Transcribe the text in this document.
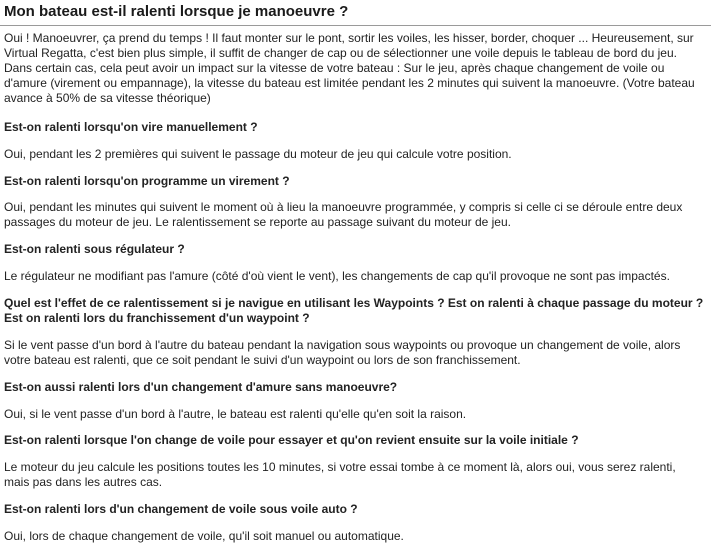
Mon bateau est-il ralenti lorsque je manoeuvre ?

Oui ! Manoeuvrer, ça prend du temps ! Il faut monter sur le pont, sortir les voiles, les hisser, border, choquer ... Heureusement, sur Virtual Regatta, c'est bien plus simple, il suffit de changer de cap ou de sélectionner une voile depuis le tableau de bord du jeu. Dans certain cas, cela peut avoir un impact sur la vitesse de votre bateau : Sur le jeu, après chaque changement de voile ou d'amure (virement ou empannage), la vitesse du bateau est limitée pendant les 2 minutes qui suivent la manoeuvre. (Votre bateau avance à 50% de sa vitesse théorique)

Est-on ralenti lorsqu'on vire manuellement ?

Oui, pendant les 2 premières qui suivent le passage du moteur de jeu qui calcule votre position.

Est-on ralenti lorsqu'on programme un virement ?

Oui, pendant les minutes qui suivent le moment où à lieu la manoeuvre programmée, y compris si celle ci se déroule entre deux passages du moteur de jeu. Le ralentissement se reporte au passage suivant du moteur de jeu.

Est-on ralenti sous régulateur ?

Le régulateur ne modifiant pas l'amure (côté d'où vient le vent), les changements de cap qu'il provoque ne sont pas impactés.

Quel est l'effet de ce ralentissement si je navigue en utilisant les Waypoints ? Est on ralenti à chaque passage du moteur ? Est on ralenti lors du franchissement d'un waypoint ?

Si le vent passe d'un bord à l'autre du bateau pendant la navigation sous waypoints ou provoque un changement de voile, alors votre bateau est ralenti, que ce soit pendant le suivi d'un waypoint ou lors de son franchissement.

Est-on aussi ralenti lors d'un changement d'amure sans manoeuvre?

Oui, si le vent passe d'un bord à l'autre, le bateau est ralenti qu'elle qu'en soit la raison.

Est-on ralenti lorsque l'on change de voile pour essayer et qu'on revient ensuite sur la voile initiale ?

Le moteur du jeu calcule les positions toutes les 10 minutes, si votre essai tombe à ce moment là, alors oui, vous serez ralenti, mais pas dans les autres cas.

Est-on ralenti lors d'un changement de voile sous voile auto ?

Oui, lors de chaque changement de voile, qu'il soit manuel ou automatique.
